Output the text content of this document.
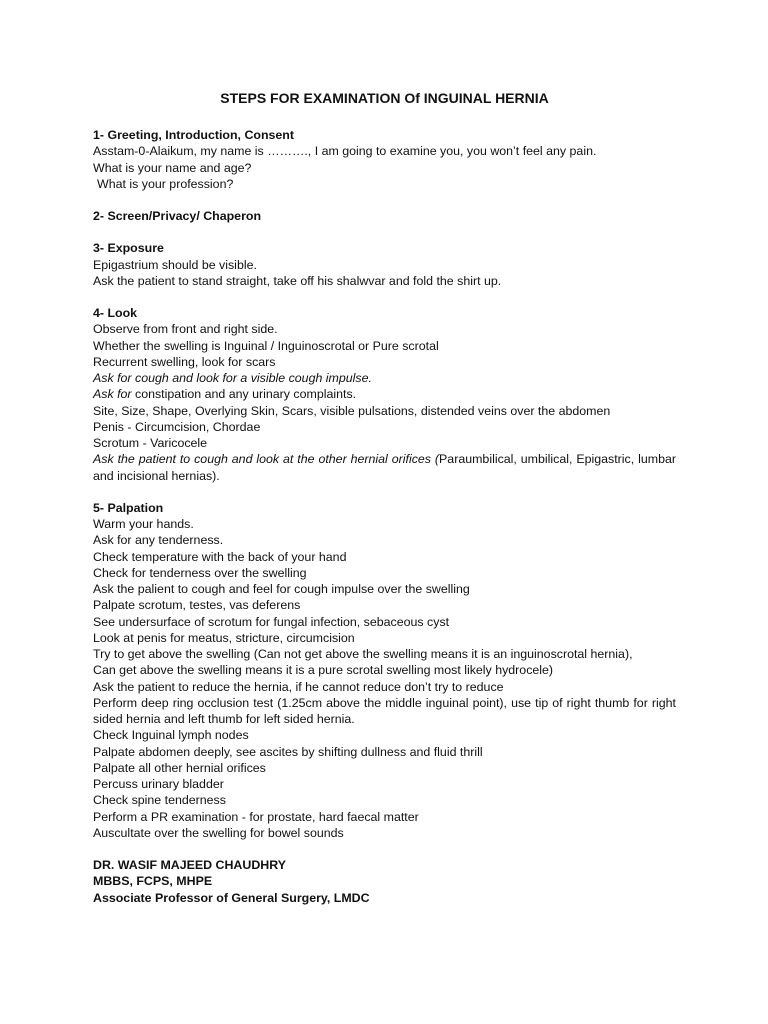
STEPS FOR EXAMINATION Of INGUINAL HERNIA
1- Greeting, Introduction, Consent
Asstam-0-Alaikum, my name is ………., I am going to examine you, you won’t feel any pain.
What is your name and age?
What is your profession?
2- Screen/Privacy/ Chaperon
3- Exposure
Epigastrium should be visible.
Ask the patient to stand straight, take off his shalwvar and fold the shirt up.
4- Look
Observe from front and right side.
Whether the swelling is Inguinal / Inguinoscrotal or Pure scrotal
Recurrent swelling, look for scars
Ask for cough and look for a visible cough impulse.
Ask for constipation and any urinary complaints.
Site, Size, Shape, Overlying Skin, Scars, visible pulsations, distended veins over the abdomen
Penis - Circumcision, Chordae
Scrotum - Varicocele
Ask the patient to cough and look at the other hernial orifices (Paraumbilical, umbilical, Epigastric, lumbar and incisional hernias).
5- Palpation
Warm your hands.
Ask for any tenderness.
Check temperature with the back of your hand
Check for tenderness over the swelling
Ask the palient to cough and feel for cough impulse over the swelling
Palpate scrotum, testes, vas deferens
See undersurface of scrotum for fungal infection, sebaceous cyst
Look at penis for meatus, stricture, circumcision
Try to get above the swelling (Can not get above the swelling means it is an inguinoscrotal hernia),
Can get above the swelling means it is a pure scrotal swelling most likely hydrocele)
Ask the patient to reduce the hernia, if he cannot reduce don’t try to reduce
Perform deep ring occlusion test (1.25cm above the middle inguinal point), use tip of right thumb for right sided hernia and left thumb for left sided hernia.
Check Inguinal lymph nodes
Palpate abdomen deeply, see ascites by shifting dullness and fluid thrill
Palpate all other hernial orifices
Percuss urinary bladder
Check spine tenderness
Perform a PR examination - for prostate, hard faecal matter
Auscultate over the swelling for bowel sounds
DR. WASIF MAJEED CHAUDHRY
MBBS, FCPS, MHPE
Associate Professor of General Surgery, LMDC
